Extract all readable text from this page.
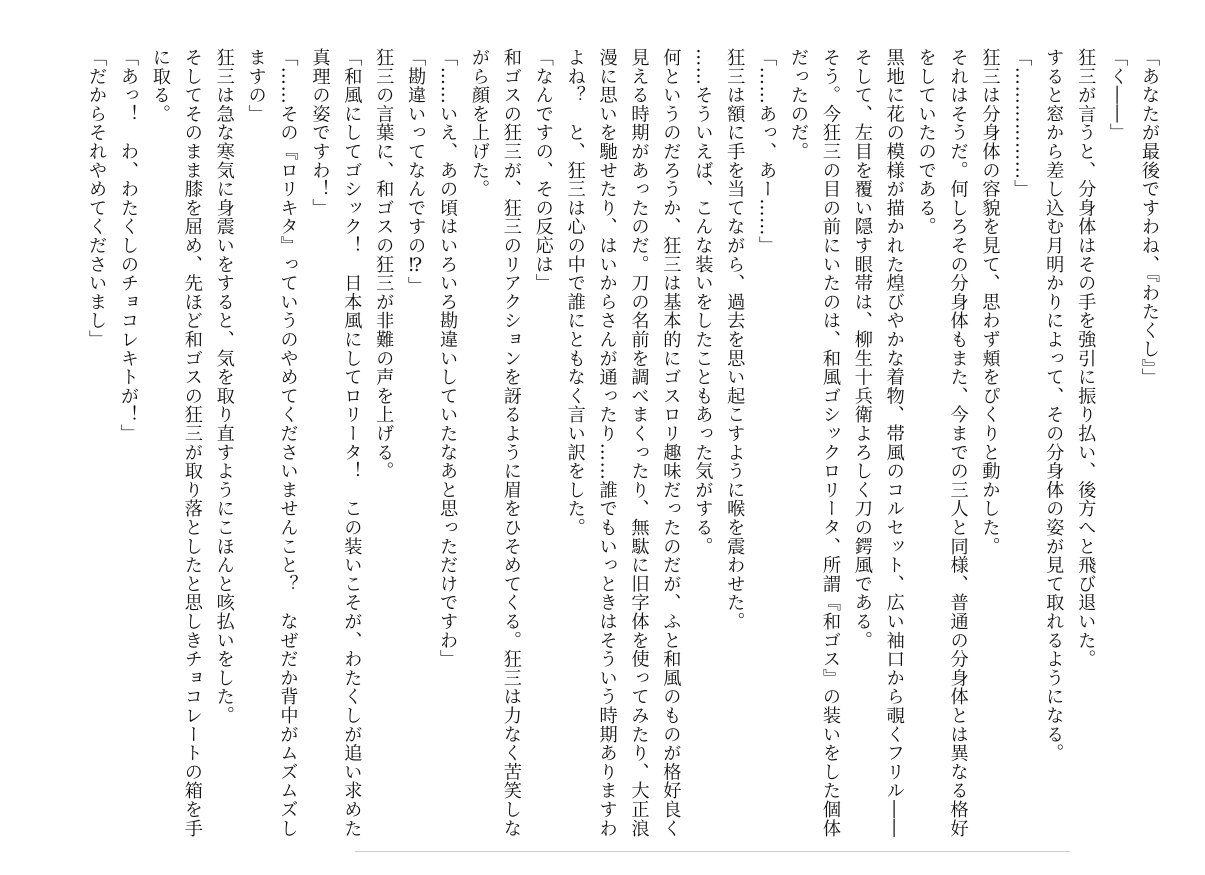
「あなたが最後ですわね、『わたくし』」

「く――」

狂三が言うと、分身体はその手を強引に振り払い、後方へと飛び退いた。

すると窓から差し込む月明かりによって、その分身体の姿が見て取れるようになる。

「………………」

狂三は分身体の容貌を見て、思わず頬をぴくりと動かした。

それはそうだ。何しろその分身体もまた、今までの三人と同様、普通の分身体とは異なる格好をしていたのである。

黒地に花の模様が描かれた煌びやかな着物、帯風のコルセット、広い袖口から覗くフリル――そして、左目を覆い隠す眼帯は、柳生十兵衛よろしく刀の鍔風である。

そう。今狂三の目の前にいたのは、和風ゴシックロリータ、所謂『和ゴス』の装いをした個体だったのだ。

「……あっ、あー……」

狂三は額に手を当てながら、過去を思い起こすように喉を震わせた。

……そういえば、こんな装いをしたこともあった気がする。

何というのだろうか、狂三は基本的にゴスロリ趣味だったのだが、ふと和風のものが格好良く見える時期があったのだ。刀の名前を調べまくったり、無駄に旧字体を使ってみたり、大正浪漫に思いを馳せたり、はいからさんが通ったり……誰でもいっときはそういう時期ありますわよね？　と、狂三は心の中で誰にともなく言い訳をした。

「なんですの、その反応は」

和ゴスの狂三が、狂三のリアクションを訝るように眉をひそめてくる。狂三は力なく苦笑しながら顔を上げた。

「……いえ、あの頃はいろいろ勘違いしていたなあと思っただけですわ」

「勘違いってなんですの⁉」

狂三の言葉に、和ゴスの狂三が非難の声を上げる。

「和風にしてゴシック！　日本風にしてロリータ！　この装いこそが、わたくしが追い求めた真理の姿ですわ！」

「……その『ロリキタ』っていうのやめてくださいませんこと？　なぜだか背中がムズムズしますの」

狂三は急な寒気に身震いをすると、気を取り直すようにこほんと咳払いをした。

そしてそのまま膝を屈め、先ほど和ゴスの狂三が取り落としたと思しきチョコレートの箱を手に取る。

「あっ！　わ、わたくしのチョコレキトが！」

「だからそれやめてくださいまし」
